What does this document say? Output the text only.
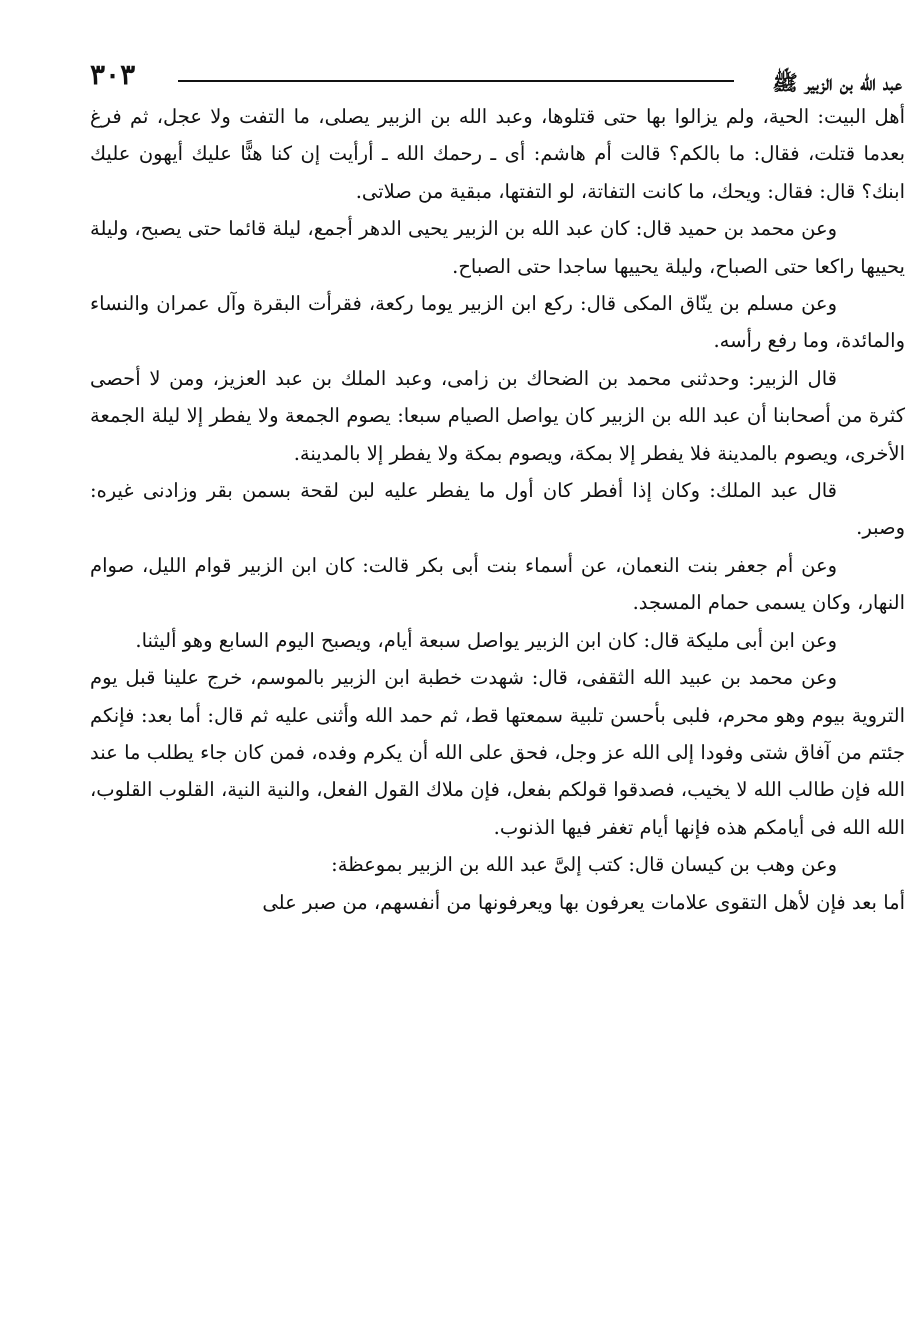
عبد الله بن الزبير ﷺ
٣٠٣

أهل البيت: الحية، ولم يزالوا بها حتى قتلوها، وعبد الله بن الزبير يصلى، ما التفت ولا عجل، ثم فرغ بعدما قتلت، فقال: ما بالكم؟ قالت أم هاشم: أى ـ رحمك الله ـ أرأيت إن كنا هنًّا عليك أيهون عليك ابنك؟ قال: فقال: ويحك، ما كانت التفاتة، لو التفتها، مبقية من صلاتى.

وعن محمد بن حميد قال: كان عبد الله بن الزبير يحيى الدهر أجمع، ليلة قائما حتى يصبح، وليلة يحييها راكعا حتى الصباح، وليلة يحييها ساجدا حتى الصباح.

وعن مسلم بن ينّاق المكى قال: ركع ابن الزبير يوما ركعة، فقرأت البقرة وآل عمران والنساء والمائدة، وما رفع رأسه.

قال الزبير: وحدثنى محمد بن الضحاك بن زامى، وعبد الملك بن عبد العزيز، ومن لا أحصى كثرة من أصحابنا أن عبد الله بن الزبير كان يواصل الصيام سبعا: يصوم الجمعة ولا يفطر إلا ليلة الجمعة الأخرى، ويصوم بالمدينة فلا يفطر إلا بمكة، ويصوم بمكة ولا يفطر إلا بالمدينة.

قال عبد الملك: وكان إذا أفطر كان أول ما يفطر عليه لبن لقحة بسمن بقر وزادنى غيره: وصبر.

وعن أم جعفر بنت النعمان، عن أسماء بنت أبى بكر قالت: كان ابن الزبير قوام الليل، صوام النهار، وكان يسمى حمام المسجد.

وعن ابن أبى مليكة قال: كان ابن الزبير يواصل سبعة أيام، ويصبح اليوم السابع وهو أليثنا.

وعن محمد بن عبيد الله الثقفى، قال: شهدت خطبة ابن الزبير بالموسم، خرج علينا قبل يوم التروية بيوم وهو محرم، فلبى بأحسن تلبية سمعتها قط، ثم حمد الله وأثنى عليه ثم قال: أما بعد: فإنكم جئتم من آفاق شتى وفودا إلى الله عز وجل، فحق على الله أن يكرم وفده، فمن كان جاء يطلب ما عند الله فإن طالب الله لا يخيب، فصدقوا قولكم بفعل، فإن ملاك القول الفعل، والنية النية، القلوب القلوب، الله الله فى أيامكم هذه فإنها أيام تغفر فيها الذنوب.

وعن وهب بن كيسان قال: كتب إلىَّ عبد الله بن الزبير بموعظة:

أما بعد فإن لأهل التقوى علامات يعرفون بها ويعرفونها من أنفسهم، من صبر على
